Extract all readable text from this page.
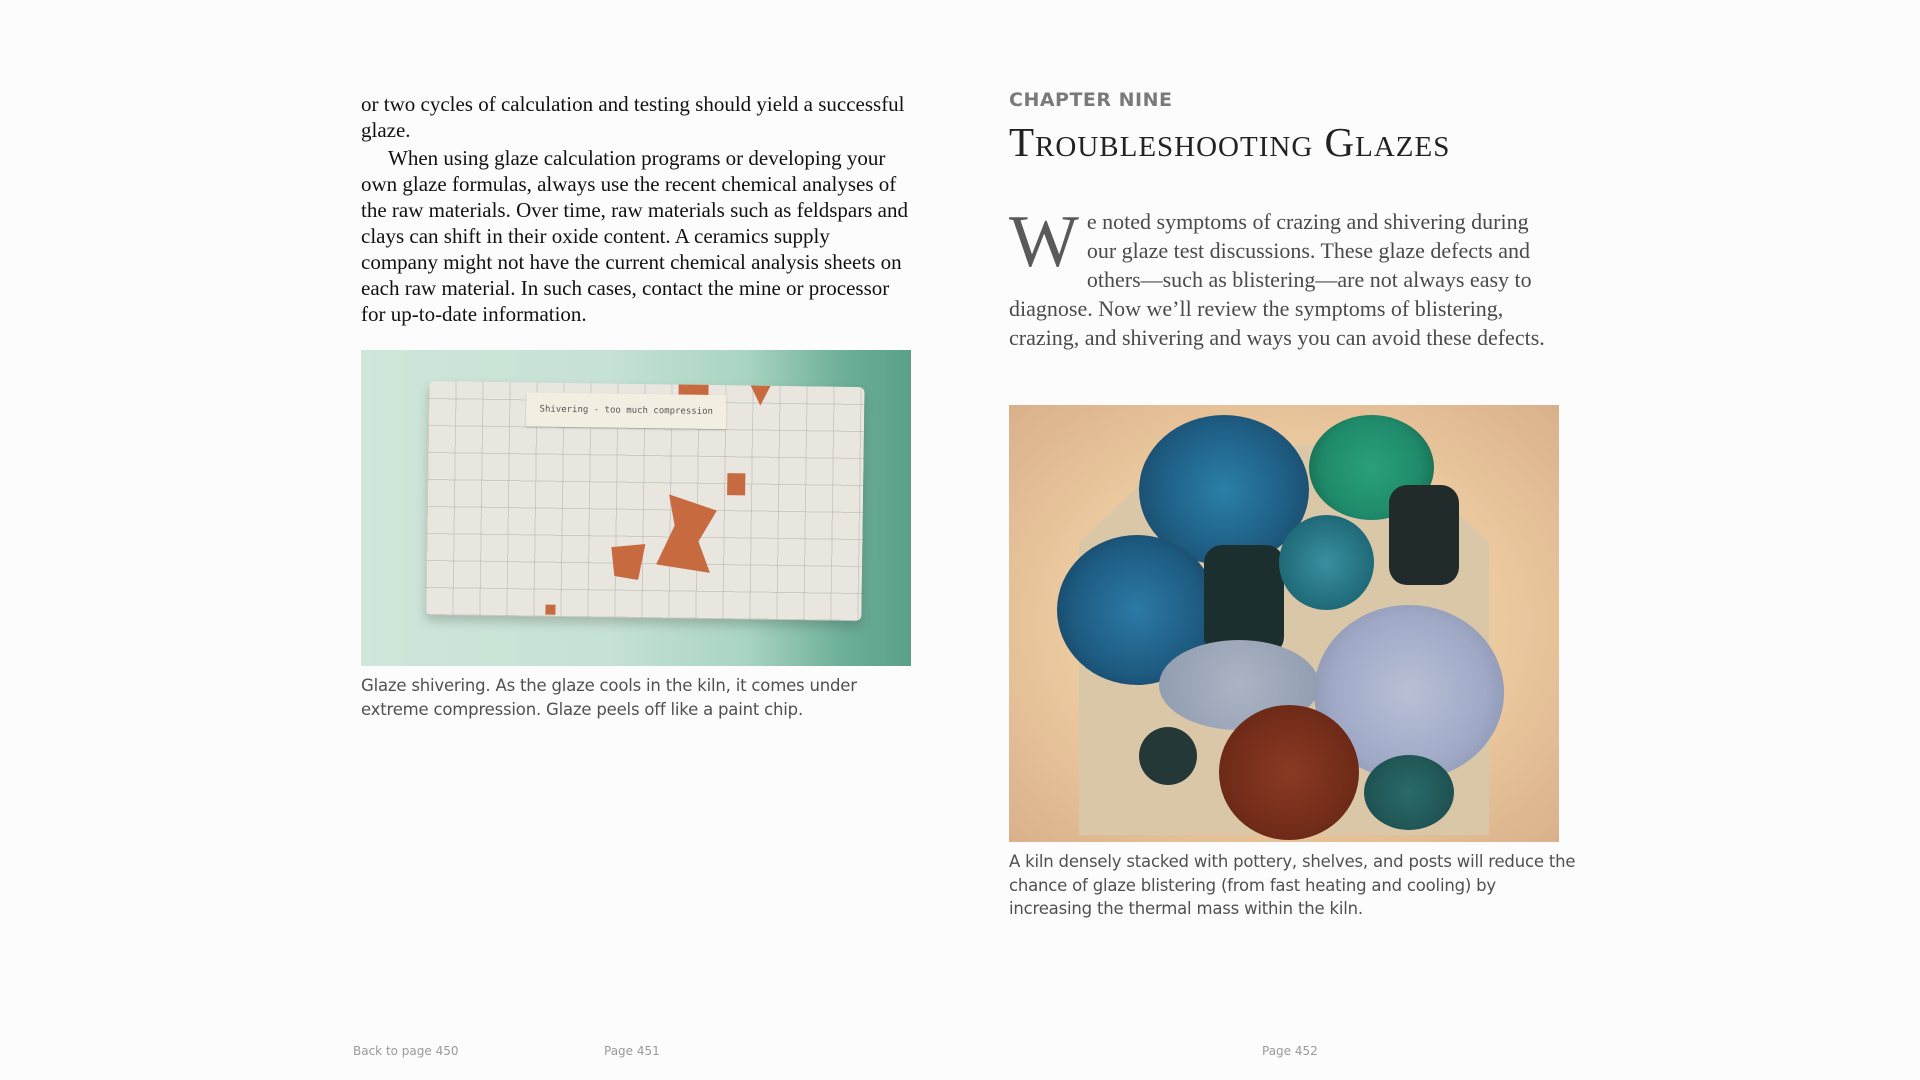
or two cycles of calculation and testing should yield a successful glaze.

When using glaze calculation programs or developing your own glaze formulas, always use the recent chemical analyses of the raw materials. Over time, raw materials such as feldspars and clays can shift in their oxide content. A ceramics supply company might not have the current chemical analysis sheets on each raw material. In such cases, contact the mine or processor for up-to-date information.

Shivering - too much compression

Glaze shivering. As the glaze cools in the kiln, it comes under extreme compression. Glaze peels off like a paint chip.

CHAPTER NINE

Troubleshooting Glazes

We noted symptoms of crazing and shivering during our glaze test discussions. These glaze defects and others—such as blistering—are not always easy to diagnose. Now we’ll review the symptoms of blistering, crazing, and shivering and ways you can avoid these defects.

A kiln densely stacked with pottery, shelves, and posts will reduce the chance of glaze blistering (from fast heating and cooling) by increasing the thermal mass within the kiln.

Back to page 450	Page 451	Page 452
